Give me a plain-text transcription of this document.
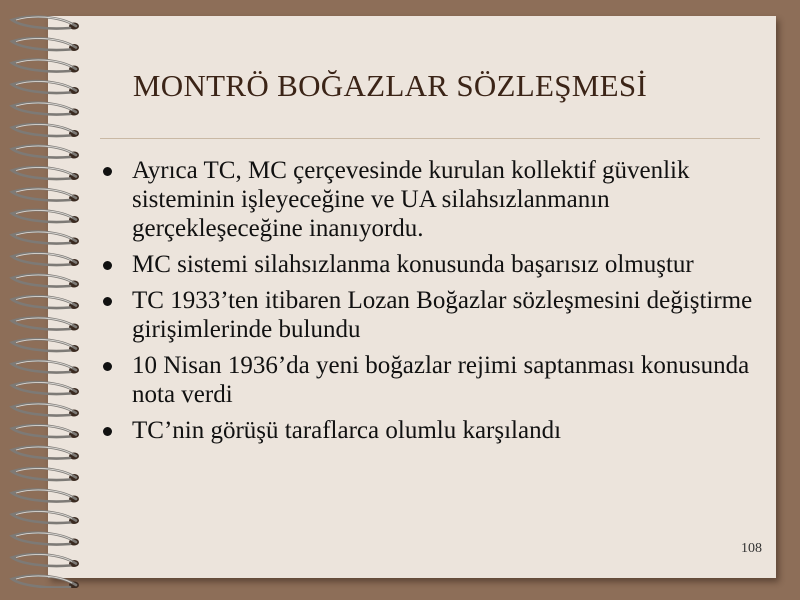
MONTRÖ BOĞAZLAR SÖZLEŞMESİ
Ayrıca TC, MC çerçevesinde kurulan kollektif güvenlik sisteminin işleyeceğine ve UA silahsızlanmanın gerçekleşeceğine inanıyordu.
MC sistemi silahsızlanma konusunda başarısız olmuştur
TC 1933’ten itibaren Lozan Boğazlar sözleşmesini değiştirme girişimlerinde bulundu
10 Nisan 1936’da yeni boğazlar rejimi saptanması konusunda nota verdi
TC’nin görüşü taraflarca olumlu karşılandı
108
